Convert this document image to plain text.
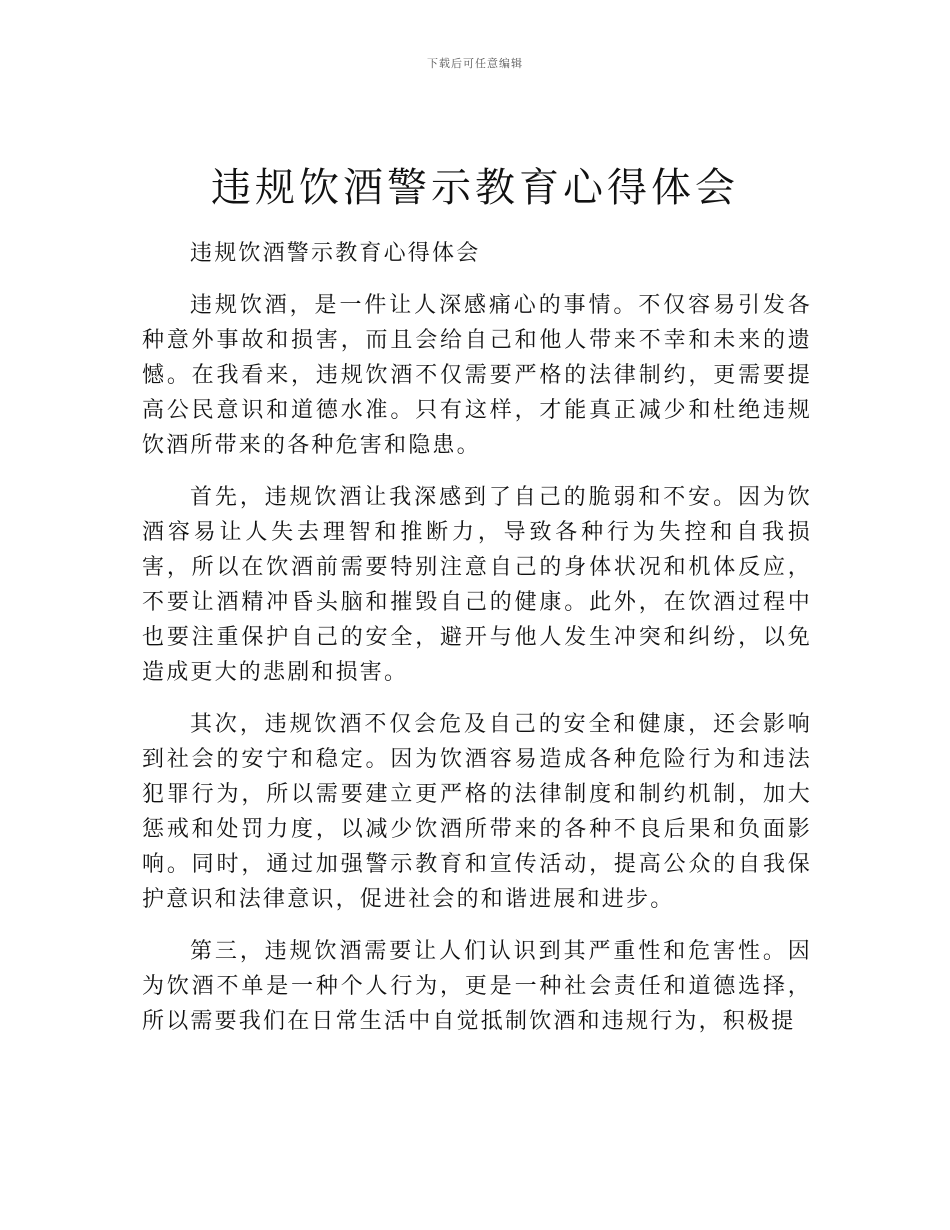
下载后可任意编辑
违规饮酒警示教育心得体会

违规饮酒警示教育心得体会

违规饮酒，是一件让人深感痛心的事情。不仅容易引发各种意外事故和损害，而且会给自己和他人带来不幸和未来的遗憾。在我看来，违规饮酒不仅需要严格的法律制约，更需要提高公民意识和道德水准。只有这样，才能真正减少和杜绝违规饮酒所带来的各种危害和隐患。

首先，违规饮酒让我深感到了自己的脆弱和不安。因为饮酒容易让人失去理智和推断力，导致各种行为失控和自我损害，所以在饮酒前需要特别注意自己的身体状况和机体反应，不要让酒精冲昏头脑和摧毁自己的健康。此外，在饮酒过程中也要注重保护自己的安全，避开与他人发生冲突和纠纷，以免造成更大的悲剧和损害。

其次，违规饮酒不仅会危及自己的安全和健康，还会影响到社会的安宁和稳定。因为饮酒容易造成各种危险行为和违法犯罪行为，所以需要建立更严格的法律制度和制约机制，加大惩戒和处罚力度，以减少饮酒所带来的各种不良后果和负面影响。同时，通过加强警示教育和宣传活动，提高公众的自我保护意识和法律意识，促进社会的和谐进展和进步。

第三，违规饮酒需要让人们认识到其严重性和危害性。因为饮酒不单是一种个人行为，更是一种社会责任和道德选择，所以需要我们在日常生活中自觉抵制饮酒和违规行为，积极提
